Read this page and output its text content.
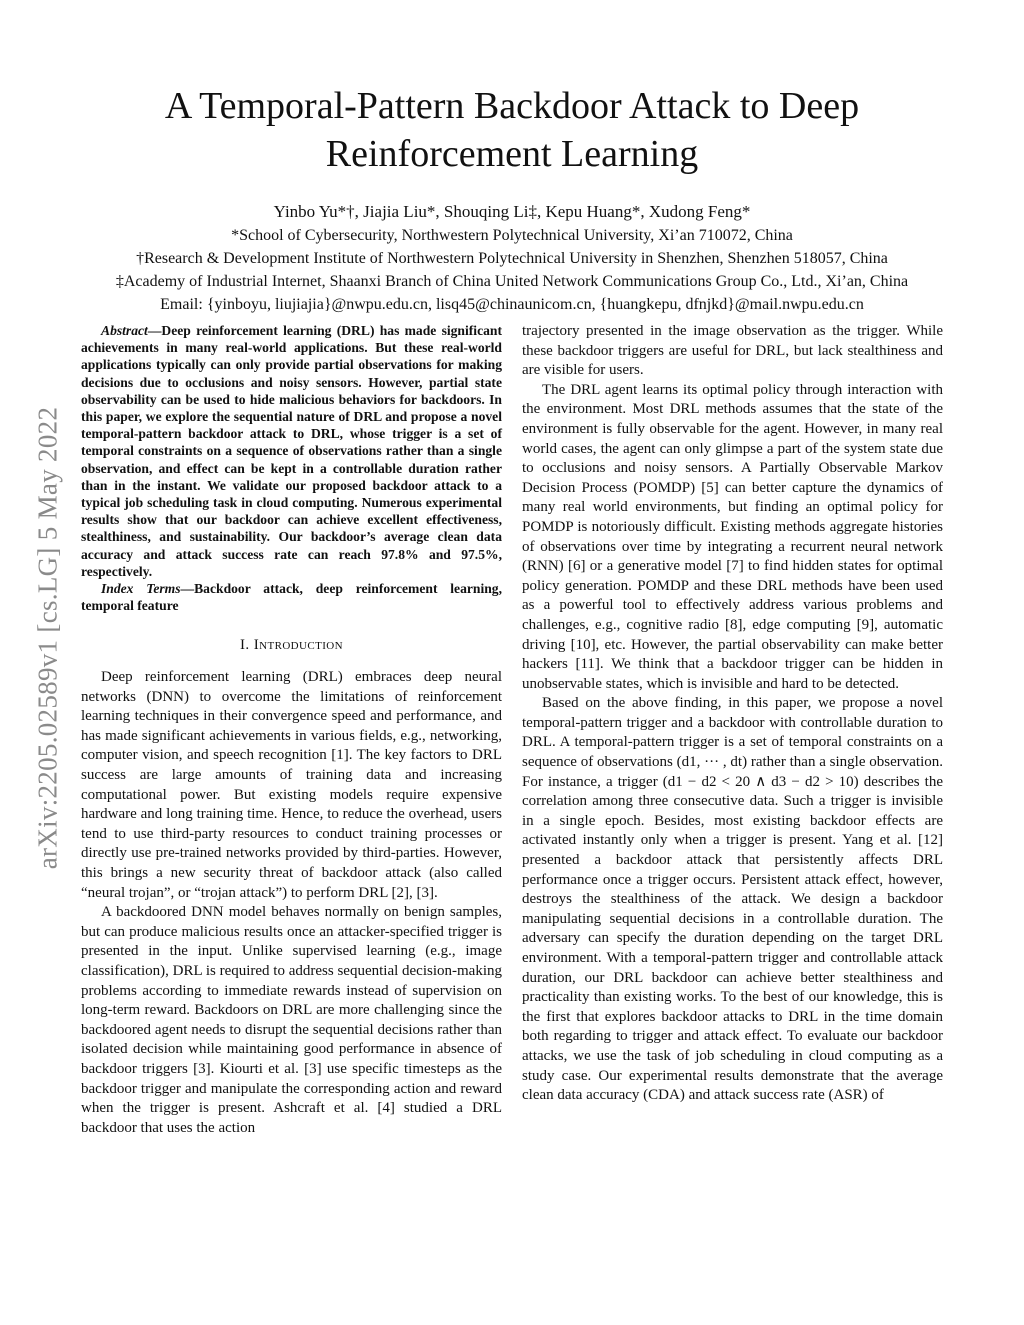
arXiv:2205.02589v1 [cs.LG] 5 May 2022
A Temporal-Pattern Backdoor Attack to Deep
Reinforcement Learning
Yinbo Yu*†, Jiajia Liu*, Shouqing Li‡, Kepu Huang*, Xudong Feng*
*School of Cybersecurity, Northwestern Polytechnical University, Xi’an 710072, China
†Research & Development Institute of Northwestern Polytechnical University in Shenzhen, Shenzhen 518057, China
‡Academy of Industrial Internet, Shaanxi Branch of China United Network Communications Group Co., Ltd., Xi’an, China
Email: {yinboyu, liujiajia}@nwpu.edu.cn, lisq45@chinaunicom.cn, {huangkepu, dfnjkd}@mail.nwpu.edu.cn

Abstract—Deep reinforcement learning (DRL) has made significant achievements in many real-world applications. But these real-world applications typically can only provide partial observations for making decisions due to occlusions and noisy sensors. However, partial state observability can be used to hide malicious behaviors for backdoors. In this paper, we explore the sequential nature of DRL and propose a novel temporal-pattern backdoor attack to DRL, whose trigger is a set of temporal constraints on a sequence of observations rather than a single observation, and effect can be kept in a controllable duration rather than in the instant. We validate our proposed backdoor attack to a typical job scheduling task in cloud computing. Numerous experimental results show that our backdoor can achieve excellent effectiveness, stealthiness, and sustainability. Our backdoor’s average clean data accuracy and attack success rate can reach 97.8% and 97.5%, respectively.

Index Terms—Backdoor attack, deep reinforcement learning, temporal feature

I. Introduction

Deep reinforcement learning (DRL) embraces deep neural networks (DNN) to overcome the limitations of reinforcement learning techniques in their convergence speed and performance, and has made significant achievements in various fields, e.g., networking, computer vision, and speech recognition [1]. The key factors to DRL success are large amounts of training data and increasing computational power. But existing models require expensive hardware and long training time. Hence, to reduce the overhead, users tend to use third-party resources to conduct training processes or directly use pre-trained networks provided by third-parties. However, this brings a new security threat of backdoor attack (also called “neural trojan”, or “trojan attack”) to perform DRL [2], [3].

A backdoored DNN model behaves normally on benign samples, but can produce malicious results once an attacker-specified trigger is presented in the input. Unlike supervised learning (e.g., image classification), DRL is required to address sequential decision-making problems according to immediate rewards instead of supervision on long-term reward. Backdoors on DRL are more challenging since the backdoored agent needs to disrupt the sequential decisions rather than isolated decision while maintaining good performance in absence of backdoor triggers [3]. Kiourti et al. [3] use specific timesteps as the backdoor trigger and manipulate the corresponding action and reward when the trigger is present. Ashcraft et al. [4] studied a DRL backdoor that uses the action

trajectory presented in the image observation as the trigger. While these backdoor triggers are useful for DRL, but lack stealthiness and are visible for users.

The DRL agent learns its optimal policy through interaction with the environment. Most DRL methods assumes that the state of the environment is fully observable for the agent. However, in many real world cases, the agent can only glimpse a part of the system state due to occlusions and noisy sensors. A Partially Observable Markov Decision Process (POMDP) [5] can better capture the dynamics of many real world environments, but finding an optimal policy for POMDP is notoriously difficult. Existing methods aggregate histories of observations over time by integrating a recurrent neural network (RNN) [6] or a generative model [7] to find hidden states for optimal policy generation. POMDP and these DRL methods have been used as a powerful tool to effectively address various problems and challenges, e.g., cognitive radio [8], edge computing [9], automatic driving [10], etc. However, the partial observability can make better hackers [11]. We think that a backdoor trigger can be hidden in unobservable states, which is invisible and hard to be detected.

Based on the above finding, in this paper, we propose a novel temporal-pattern trigger and a backdoor with controllable duration to DRL. A temporal-pattern trigger is a set of temporal constraints on a sequence of observations (d1, ··· , dt) rather than a single observation. For instance, a trigger (d1 − d2 < 20 ∧ d3 − d2 > 10) describes the correlation among three consecutive data. Such a trigger is invisible in a single epoch. Besides, most existing backdoor effects are activated instantly only when a trigger is present. Yang et al. [12] presented a backdoor attack that persistently affects DRL performance once a trigger occurs. Persistent attack effect, however, destroys the stealthiness of the attack. We design a backdoor manipulating sequential decisions in a controllable duration. The adversary can specify the duration depending on the target DRL environment. With a temporal-pattern trigger and controllable attack duration, our DRL backdoor can achieve better stealthiness and practicality than existing works. To the best of our knowledge, this is the first that explores backdoor attacks to DRL in the time domain both regarding to trigger and attack effect. To evaluate our backdoor attacks, we use the task of job scheduling in cloud computing as a study case. Our experimental results demonstrate that the average clean data accuracy (CDA) and attack success rate (ASR) of
